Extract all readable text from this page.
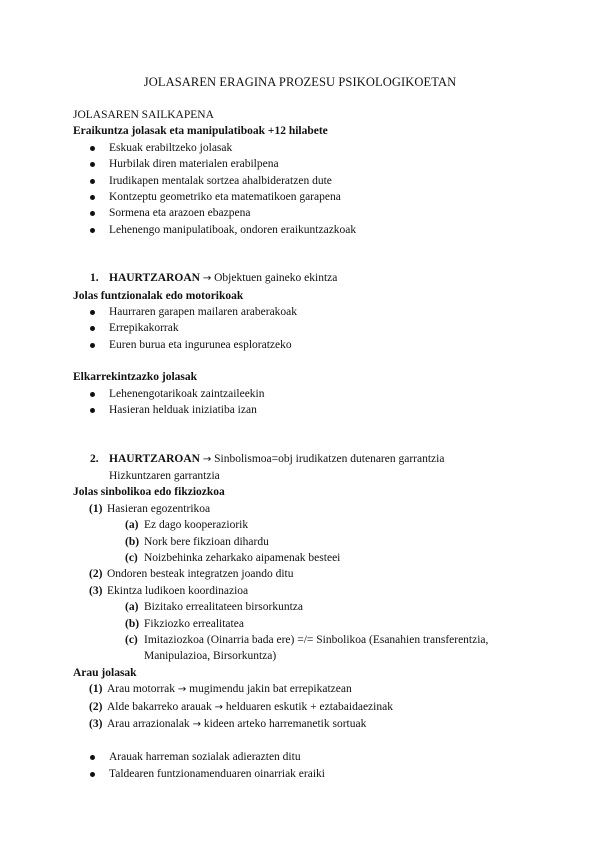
JOLASAREN ERAGINA PROZESU PSIKOLOGIKOETAN

JOLASAREN SAILKAPENA

Eraikuntza jolasak eta manipulatiboak +12 hilabete

Eskuak erabiltzeko jolasak
Hurbilak diren materialen erabilpena
Irudikapen mentalak sortzea ahalbideratzen dute
Kontzeptu geometriko eta matematikoen garapena
Sormena eta arazoen ebazpena
Lehenengo manipulatiboak, ondoren eraikuntzazkoak
1. HAURTZAROAN → Objektuen gaineko ekintza

Jolas funtzionalak edo motorikoak

Haurraren garapen mailaren araberakoak
Errepikakorrak
Euren burua eta ingurunea esploratzeko

Elkarrekintzazko jolasak

Lehenengotarikoak zaintzaileekin
Hasieran helduak iniziatiba izan
2. HAURTZAROAN → Sinbolismoa=obj irudikatzen dutenaren garrantzia
Hizkuntzaren garrantzia

Jolas sinbolikoa edo fikziozkoa

(1) Hasieran egozentrikoa
(a) Ez dago kooperaziorik
(b) Nork bere fikzioan dihardu
(c) Noizbehinka zeharkako aipamenak besteei
(2) Ondoren besteak integratzen joando ditu
(3) Ekintza ludikoen koordinazioa
(a) Bizitako errealitateen birsorkuntza
(b) Fikziozko errealitatea
(c) Imitaziozkoa (Oinarria bada ere) =/= Sinbolikoa (Esanahien transferentzia, Manipulazioa, Birsorkuntza)

Arau jolasak

(1) Arau motorrak → mugimendu jakin bat errepikatzean
(2) Alde bakarreko arauak → helduaren eskutik + eztabaidaezinak
(3) Arau arrazionalak → kideen arteko harremanetik sortuak
Arauak harreman sozialak adierazten ditu
Taldearen funtzionamenduaren oinarriak eraiki
